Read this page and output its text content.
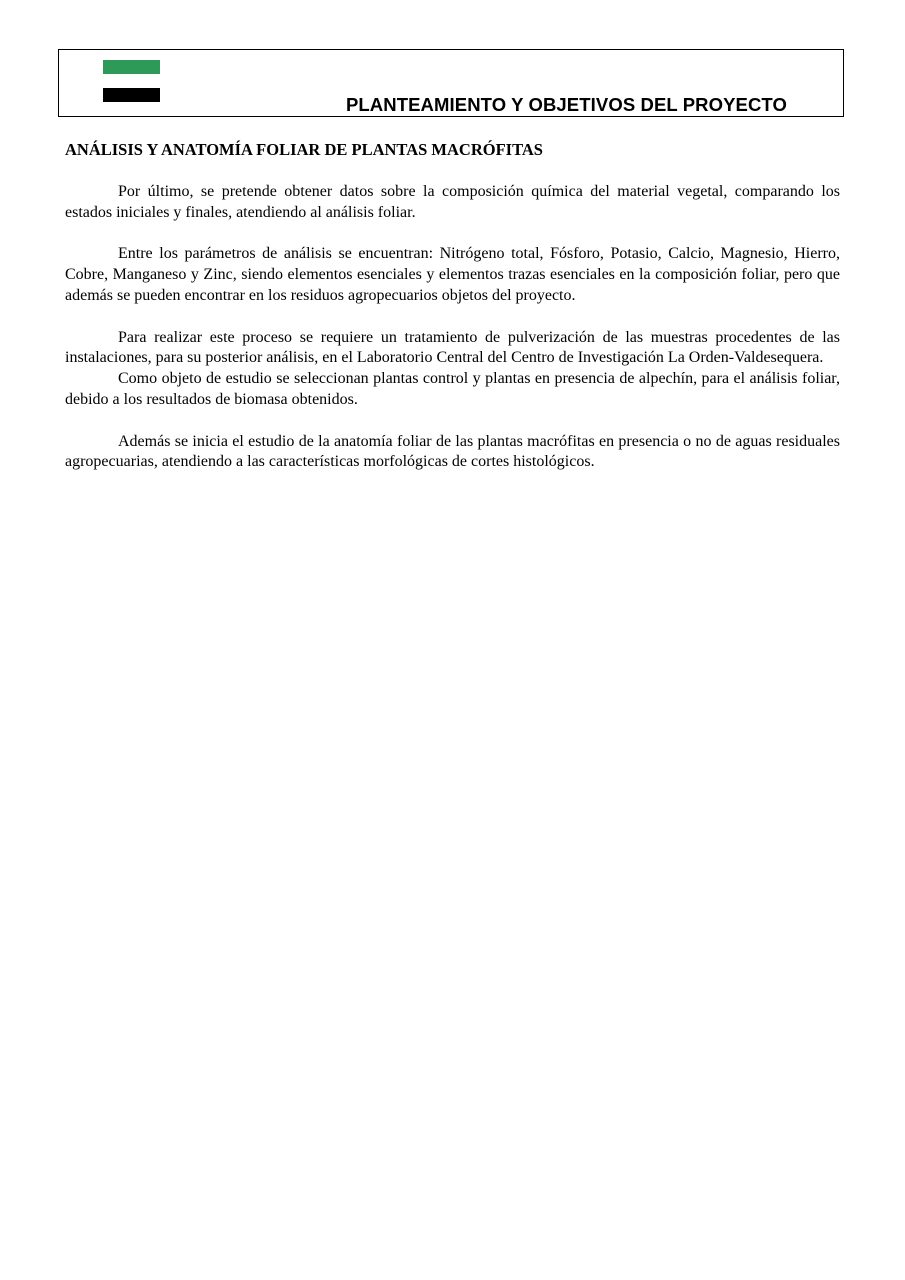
PLANTEAMIENTO Y OBJETIVOS DEL PROYECTO
ANÁLISIS Y ANATOMÍA FOLIAR DE PLANTAS MACRÓFITAS

Por último, se pretende obtener datos sobre la composición química del material vegetal, comparando los estados iniciales y finales, atendiendo al análisis foliar.

Entre los parámetros de análisis se encuentran: Nitrógeno total, Fósforo, Potasio, Calcio, Magnesio, Hierro, Cobre, Manganeso y Zinc, siendo elementos esenciales y elementos trazas esenciales en la composición foliar, pero que además se pueden encontrar en los residuos agropecuarios objetos del proyecto.

Para realizar este proceso se requiere un tratamiento de pulverización de las muestras procedentes de las instalaciones, para su posterior análisis, en el Laboratorio Central del Centro de Investigación La Orden-Valdesequera.

Como objeto de estudio se seleccionan plantas control y plantas en presencia de alpechín, para el análisis foliar, debido a los resultados de biomasa obtenidos.

Además se inicia el estudio de la anatomía foliar de las plantas macrófitas en presencia o no de aguas residuales agropecuarias, atendiendo a las características morfológicas de cortes histológicos.
